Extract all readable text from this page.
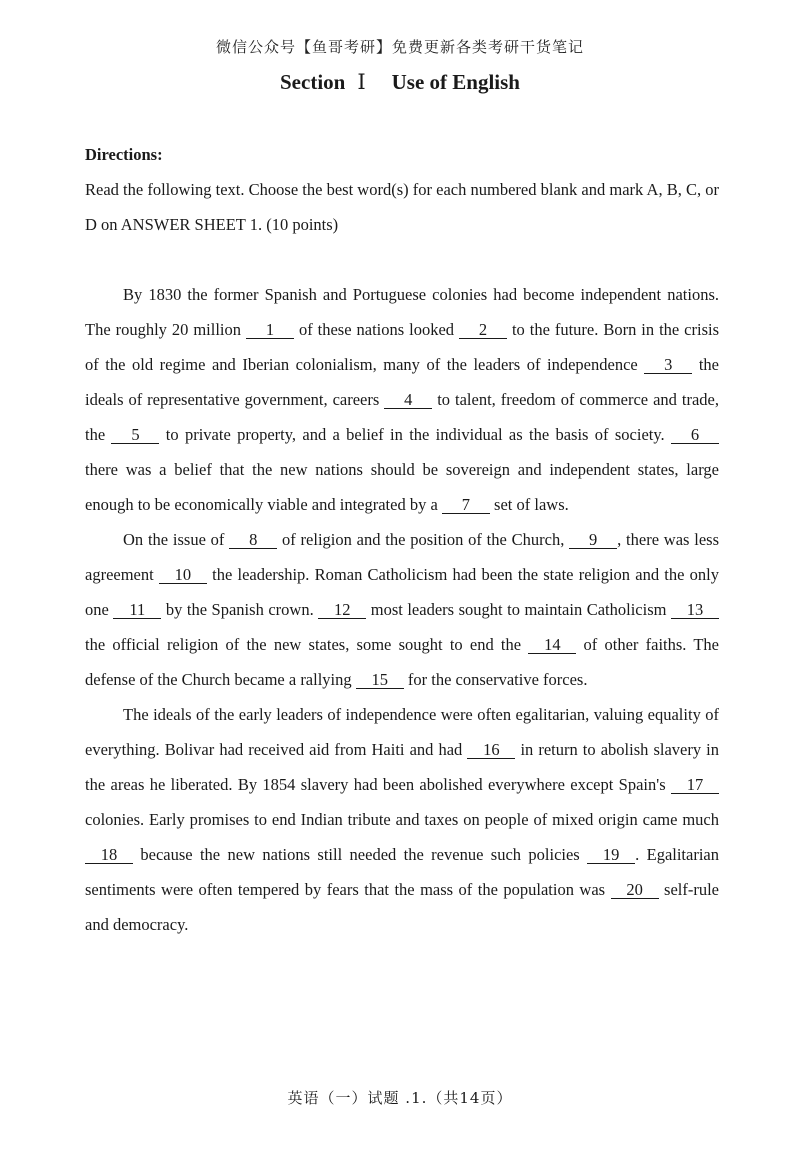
微信公众号【鱼哥考研】免费更新各类考研干货笔记
Section Ⅰ Use of English

Directions:

Read the following text. Choose the best word(s) for each numbered blank and mark A, B, C, or D on ANSWER SHEET 1. (10 points)

By 1830 the former Spanish and Portuguese colonies had become independent nations. The roughly 20 million 1 of these nations looked 2 to the future. Born in the crisis of the old regime and Iberian colonialism, many of the leaders of independence 3 the ideals of representative government, careers 4 to talent, freedom of commerce and trade, the 5 to private property, and a belief in the individual as the basis of society. 6 there was a belief that the new nations should be sovereign and independent states, large enough to be economically viable and integrated by a 7 set of laws.

On the issue of 8 of religion and the position of the Church, 9 , there was less agreement 10 the leadership. Roman Catholicism had been the state religion and the only one 11 by the Spanish crown. 12 most leaders sought to maintain Catholicism 13 the official religion of the new states, some sought to end the 14 of other faiths. The defense of the Church became a rallying 15 for the conservative forces.

The ideals of the early leaders of independence were often egalitarian, valuing equality of everything. Bolivar had received aid from Haiti and had 16 in return to abolish slavery in the areas he liberated. By 1854 slavery had been abolished everywhere except Spain's 17 colonies. Early promises to end Indian tribute and taxes on people of mixed origin came much 18 because the new nations still needed the revenue such policies 19 . Egalitarian sentiments were often tempered by fears that the mass of the population was 20 self-rule and democracy.

英语（一）试题 .1.（共14页）
